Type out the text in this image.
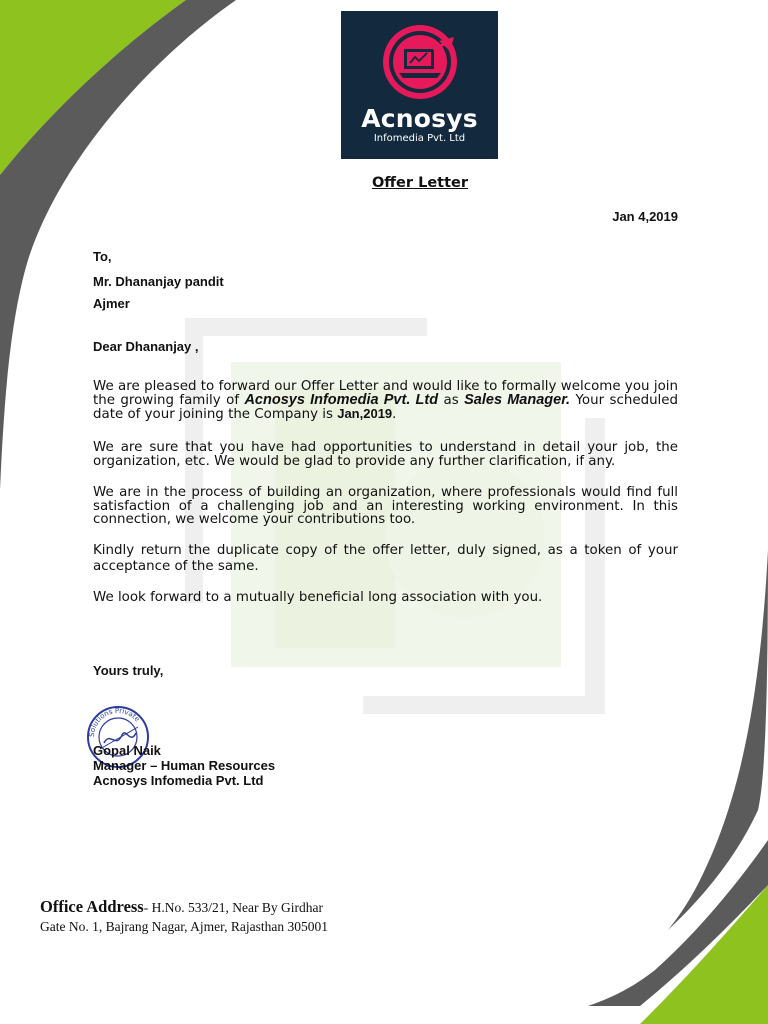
Acnosys
Infomedia Pvt. Ltd
Offer Letter
Jan 4,2019
To,
Mr. Dhananjay pandit
Ajmer
Dear Dhananjay ,
We are pleased to forward our Offer Letter and would like to formally welcome you join the growing family of Acnosys Infomedia Pvt. Ltd as Sales Manager. Your scheduled date of your joining the Company is Jan,2019.
We are sure that you have had opportunities to understand in detail your job, the organization, etc. We would be glad to provide any further clarification, if any.
We are in the process of building an organization, where professionals would find full satisfaction of a challenging job and an interesting working environment. In this connection, we welcome your contributions too.
Kindly return the duplicate copy of the offer letter, duly signed, as a token of your acceptance of the same.
We look forward to a mutually beneficial long association with you.
Yours truly,
Solutions Private
Gopal Naik
Manager – Human Resources
Acnosys Infomedia Pvt. Ltd
Office Address- H.No. 533/21, Near By Girdhar
Gate No. 1, Bajrang Nagar, Ajmer, Rajasthan 305001
